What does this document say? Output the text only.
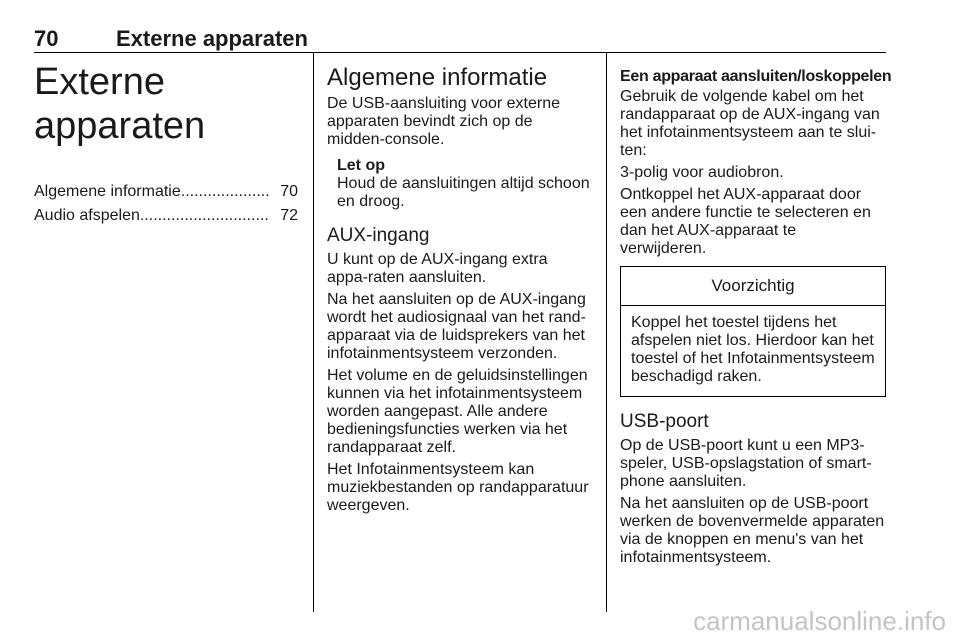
70	Externe apparaten
Externe apparaten
Algemene informatie .................... 70
Audio afspelen ............................. 72
Algemene informatie

De USB-aansluiting voor externe apparaten bevindt zich op de midden-console.

Let op

Houd de aansluitingen altijd schoon en droog.

AUX-ingang

U kunt op de AUX-ingang extra appa-raten aansluiten.

Na het aansluiten op de AUX-ingang wordt het audiosignaal van het rand-apparaat via de luidsprekers van het infotainmentsysteem verzonden.

Het volume en de geluidsinstellingen kunnen via het infotainmentsysteem worden aangepast. Alle andere bedieningsfuncties werken via het randapparaat zelf.

Het Infotainmentsysteem kan muziekbestanden op randapparatuur weergeven.

Een apparaat aansluiten/loskoppelen

Gebruik de volgende kabel om het randapparaat op de AUX-ingang van het infotainmentsysteem aan te slui-ten:

3-polig voor audiobron.

Ontkoppel het AUX-apparaat door een andere functie te selecteren en dan het AUX-apparaat te verwijderen.

Voorzichtig

Koppel het toestel tijdens het afspelen niet los. Hierdoor kan het toestel of het Infotainmentsysteem beschadigd raken.

USB-poort

Op de USB-poort kunt u een MP3-speler, USB-opslagstation of smart-phone aansluiten.

Na het aansluiten op de USB-poort werken de bovenvermelde apparaten via de knoppen en menu's van het infotainmentsysteem.

carmanualsonline.info
